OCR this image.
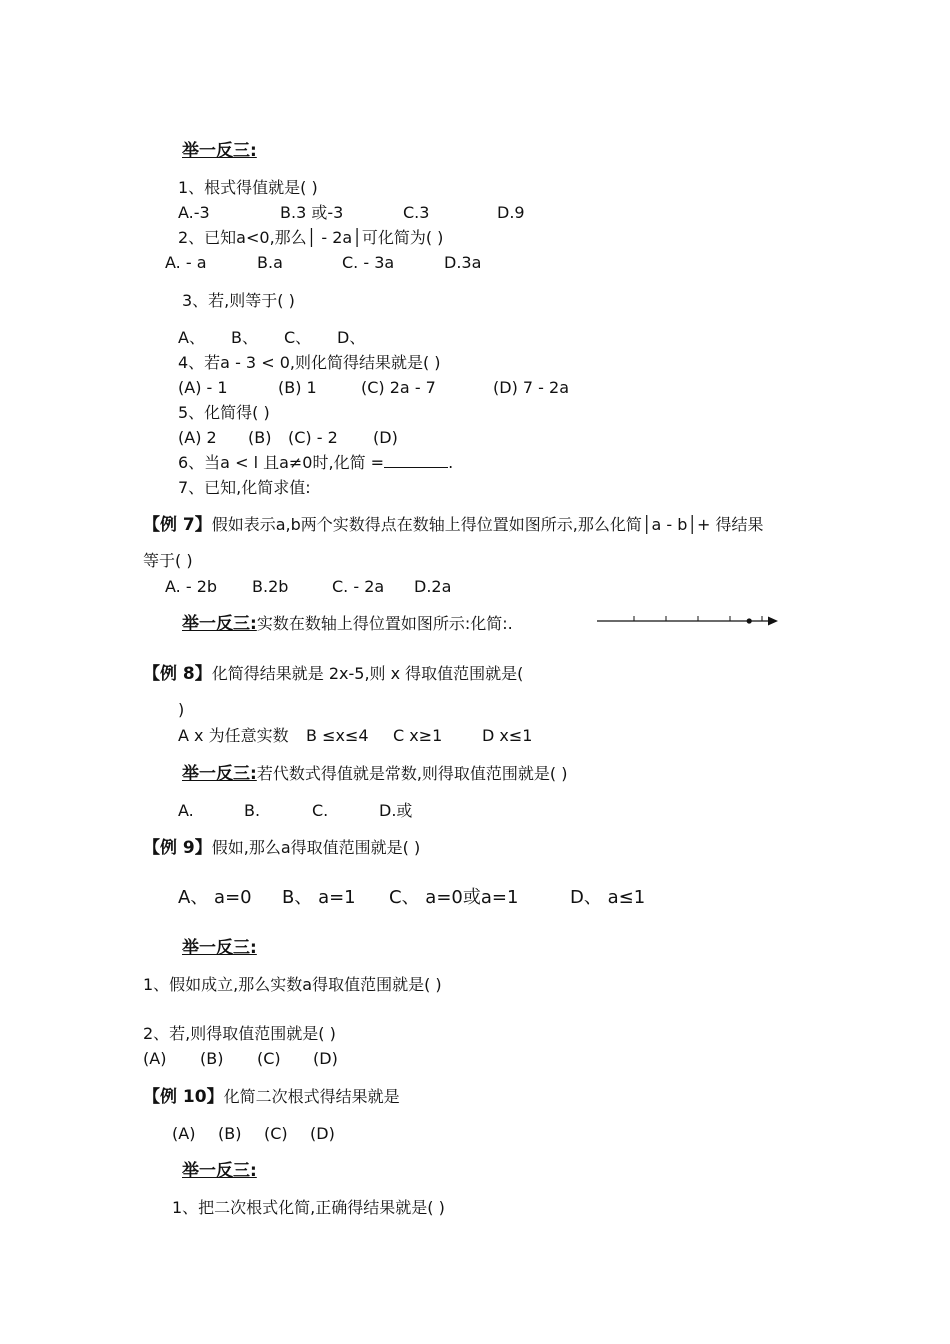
举一反三:
1、根式得值就是( )
A.-3	B.3 或-3	C.3	D.9
2、已知a<0,那么│ - 2a│可化简为( )
A. - a	B.a	C. - 3a	D.3a
3、若,则等于( )
A、 B、 C、 D、
4、若a - 3 < 0,则化简得结果就是( )
(A) - 1	(B) 1	(C) 2a - 7	(D) 7 - 2a
5、化简得( )
(A) 2 (B) (C) - 2 (D)
6、当a < l 且a≠0时,化简 =	.
7、已知,化简求值:
【例 7】假如表示a,b两个实数得点在数轴上得位置如图所示,那么化简│a - b│+ 得结果
等于( )
A. - 2b B.2b	C. - 2a D.2a
举一反三:实数在数轴上得位置如图所示:化简:.
【例 8】化简得结果就是 2x-5,则 x 得取值范围就是(
)
A x 为任意实数 B ≤x≤4 C x≥1 D x≤1
举一反三:若代数式得值就是常数,则得取值范围就是( )
A.	B.	C.	D.或
【例 9】假如,那么a得取值范围就是( )
A、 a=0 B、 a=1 C、 a=0或a=1	D、 a≤1
举一反三:
1、假如成立,那么实数a得取值范围就是( )
2、若,则得取值范围就是( )
(A) (B) (C) (D)
【例 10】化简二次根式得结果就是
(A) (B) (C) (D)
举一反三:
1、把二次根式化简,正确得结果就是( )
